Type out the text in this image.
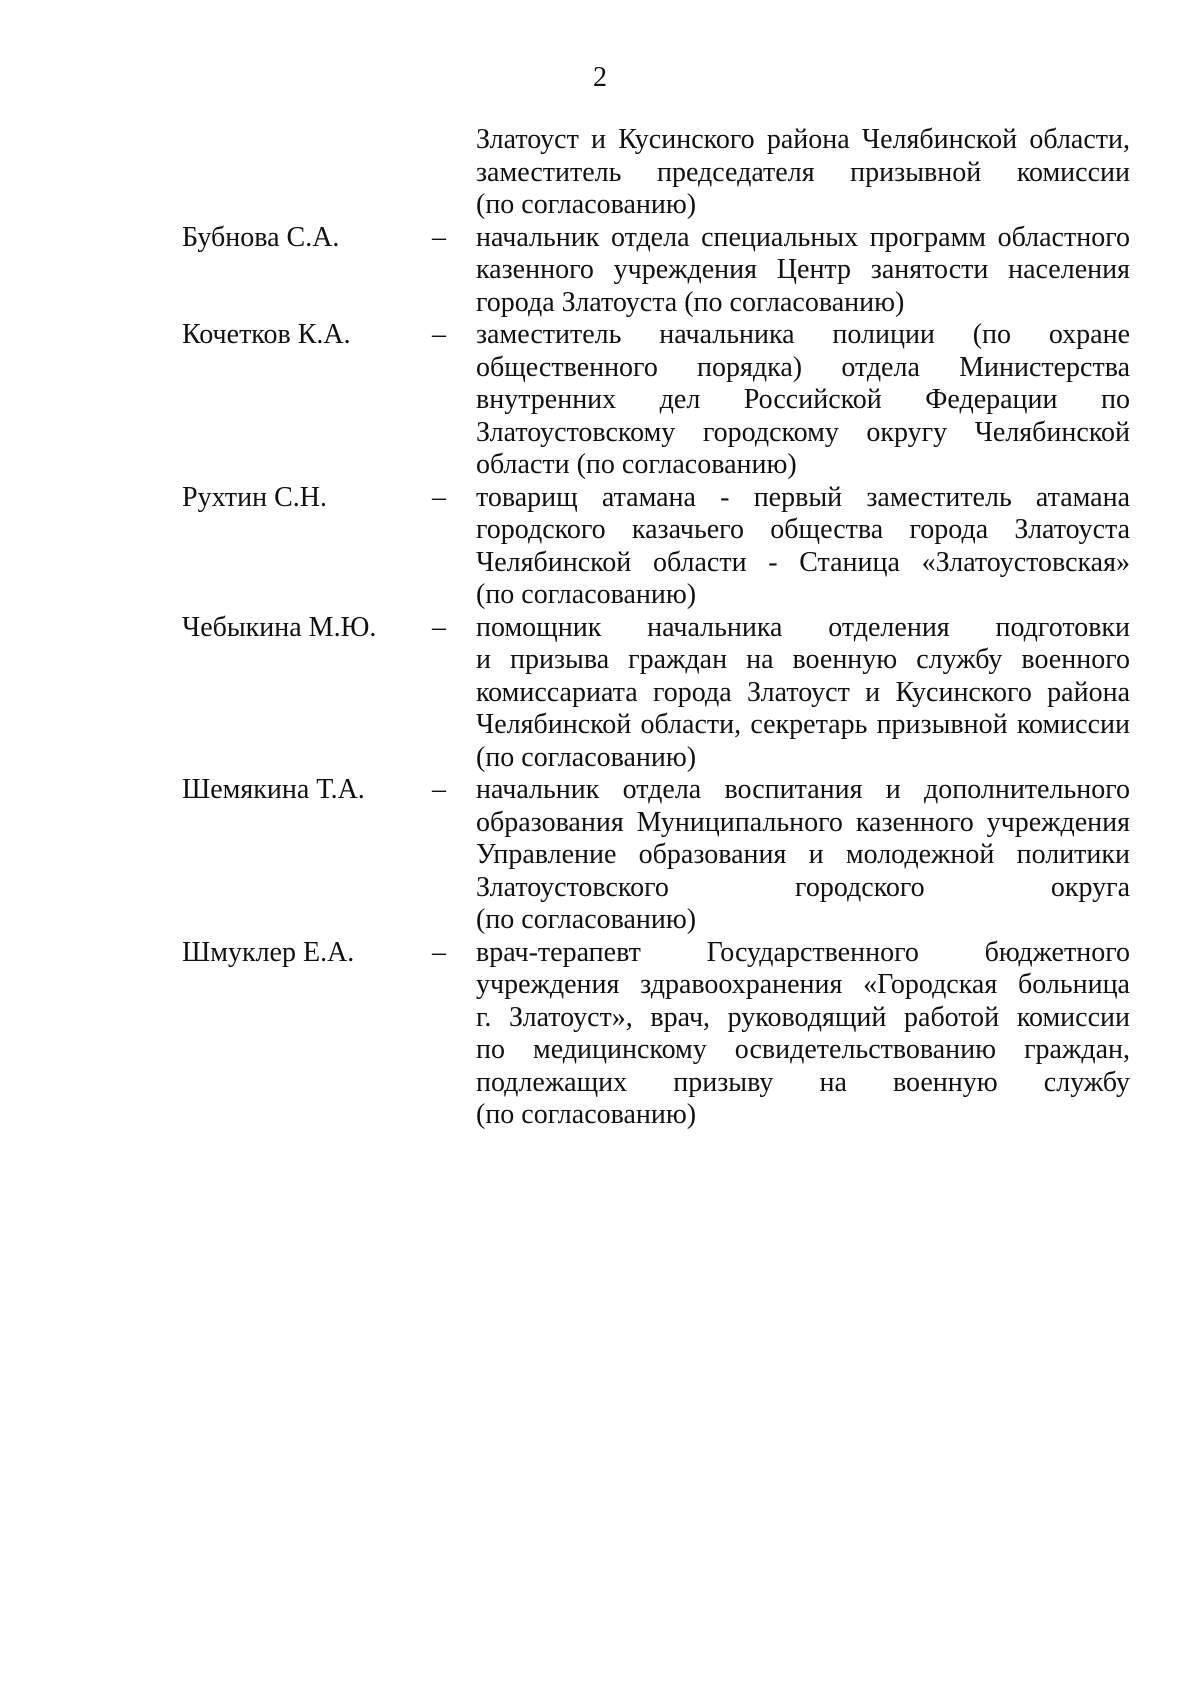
2
Златоуст и Кусинского района Челябинской области,
заместитель председателя призывной комиссии
(по согласованию)
Бубнова С.А.	– начальник отдела специальных программ областного
казенного учреждения Центр занятости населения
города Златоуста (по согласованию)
Кочетков К.А.	– заместитель начальника полиции (по охране
общественного порядка) отдела Министерства
внутренних дел Российской Федерации по
Златоустовскому городскому округу Челябинской
области (по согласованию)
Рухтин С.Н.	– товарищ атамана - первый заместитель атамана
городского казачьего общества города Златоуста
Челябинской области - Станица «Златоустовская»
(по согласованию)
Чебыкина М.Ю. – помощник начальника отделения подготовки
и призыва граждан на военную службу военного
комиссариата города Златоуст и Кусинского района
Челябинской области, секретарь призывной комиссии
(по согласованию)
Шемякина Т.А. – начальник отдела воспитания и дополнительного
образования Муниципального казенного учреждения
Управление образования и молодежной политики
Златоустовского городского округа
(по согласованию)
Шмуклер Е.А.	– врач-терапевт Государственного бюджетного
учреждения здравоохранения «Городская больница
г. Златоуст», врач, руководящий работой комиссии
по медицинскому освидетельствованию граждан,
подлежащих призыву на военную службу
(по согласованию)
